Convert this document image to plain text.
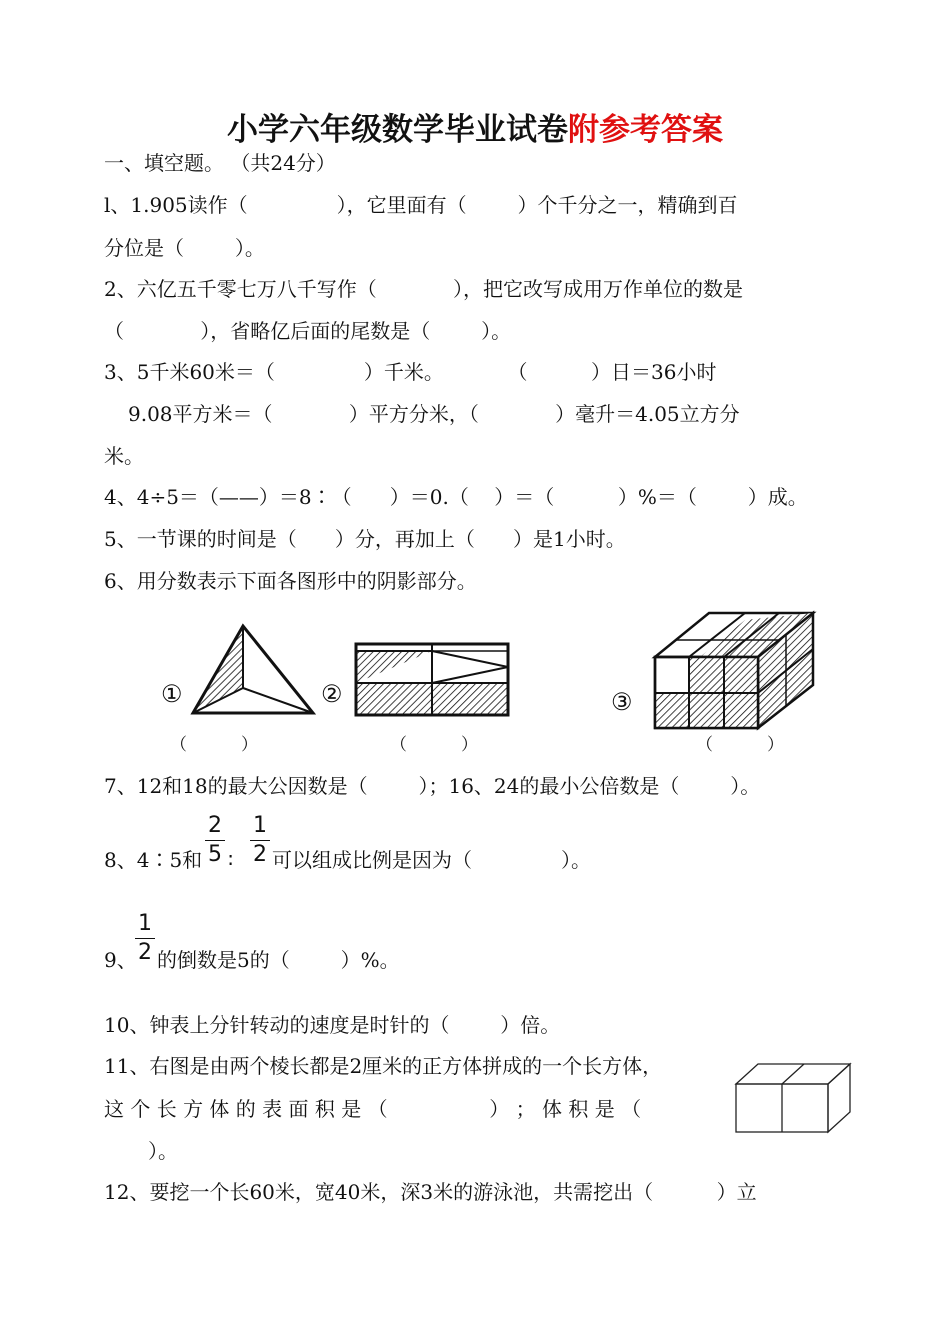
小学六年级数学毕业试卷附参考答案
一、填空题。 （共24分）
l、1.905读作（              ），它里面有（        ）个千分之一，精确到百
分位是（        ）。
2、六亿五千零七万八千写作（            ），把它改写成用万作单位的数是
（            ），省略亿后面的尾数是（        ）。
3、5千米60米＝（              ）千米。          （          ）日＝36小时
9.08平方米＝（            ）平方分米，（            ）毫升＝4.05立方分
米。
4、4÷5＝（——）＝8∶（      ）＝0.（    ）＝（          ）%＝（        ）成。
5、一节课的时间是（      ）分，再加上（      ）是1小时。
6、用分数表示下面各图形中的阴影部分。
①	②	③
（          ）	（          ）	（          ）
7、12和18的最大公因数是（        ）；16、24的最小公倍数是（        ）。
8、4∶5和
2
5 ∶
1
2 可以组成比例是因为（              ）。
9、
1
2 的倒数是5的（        ）%。
10、钟表上分针转动的速度是时针的（        ）倍。
11、右图是由两个棱长都是2厘米的正方体拼成的一个长方体，
这 个 长 方 体 的 表 面 积 是 （                ） ； 体 积 是 （
）。
12、要挖一个长60米，宽40米，深3米的游泳池，共需挖出（          ）立
